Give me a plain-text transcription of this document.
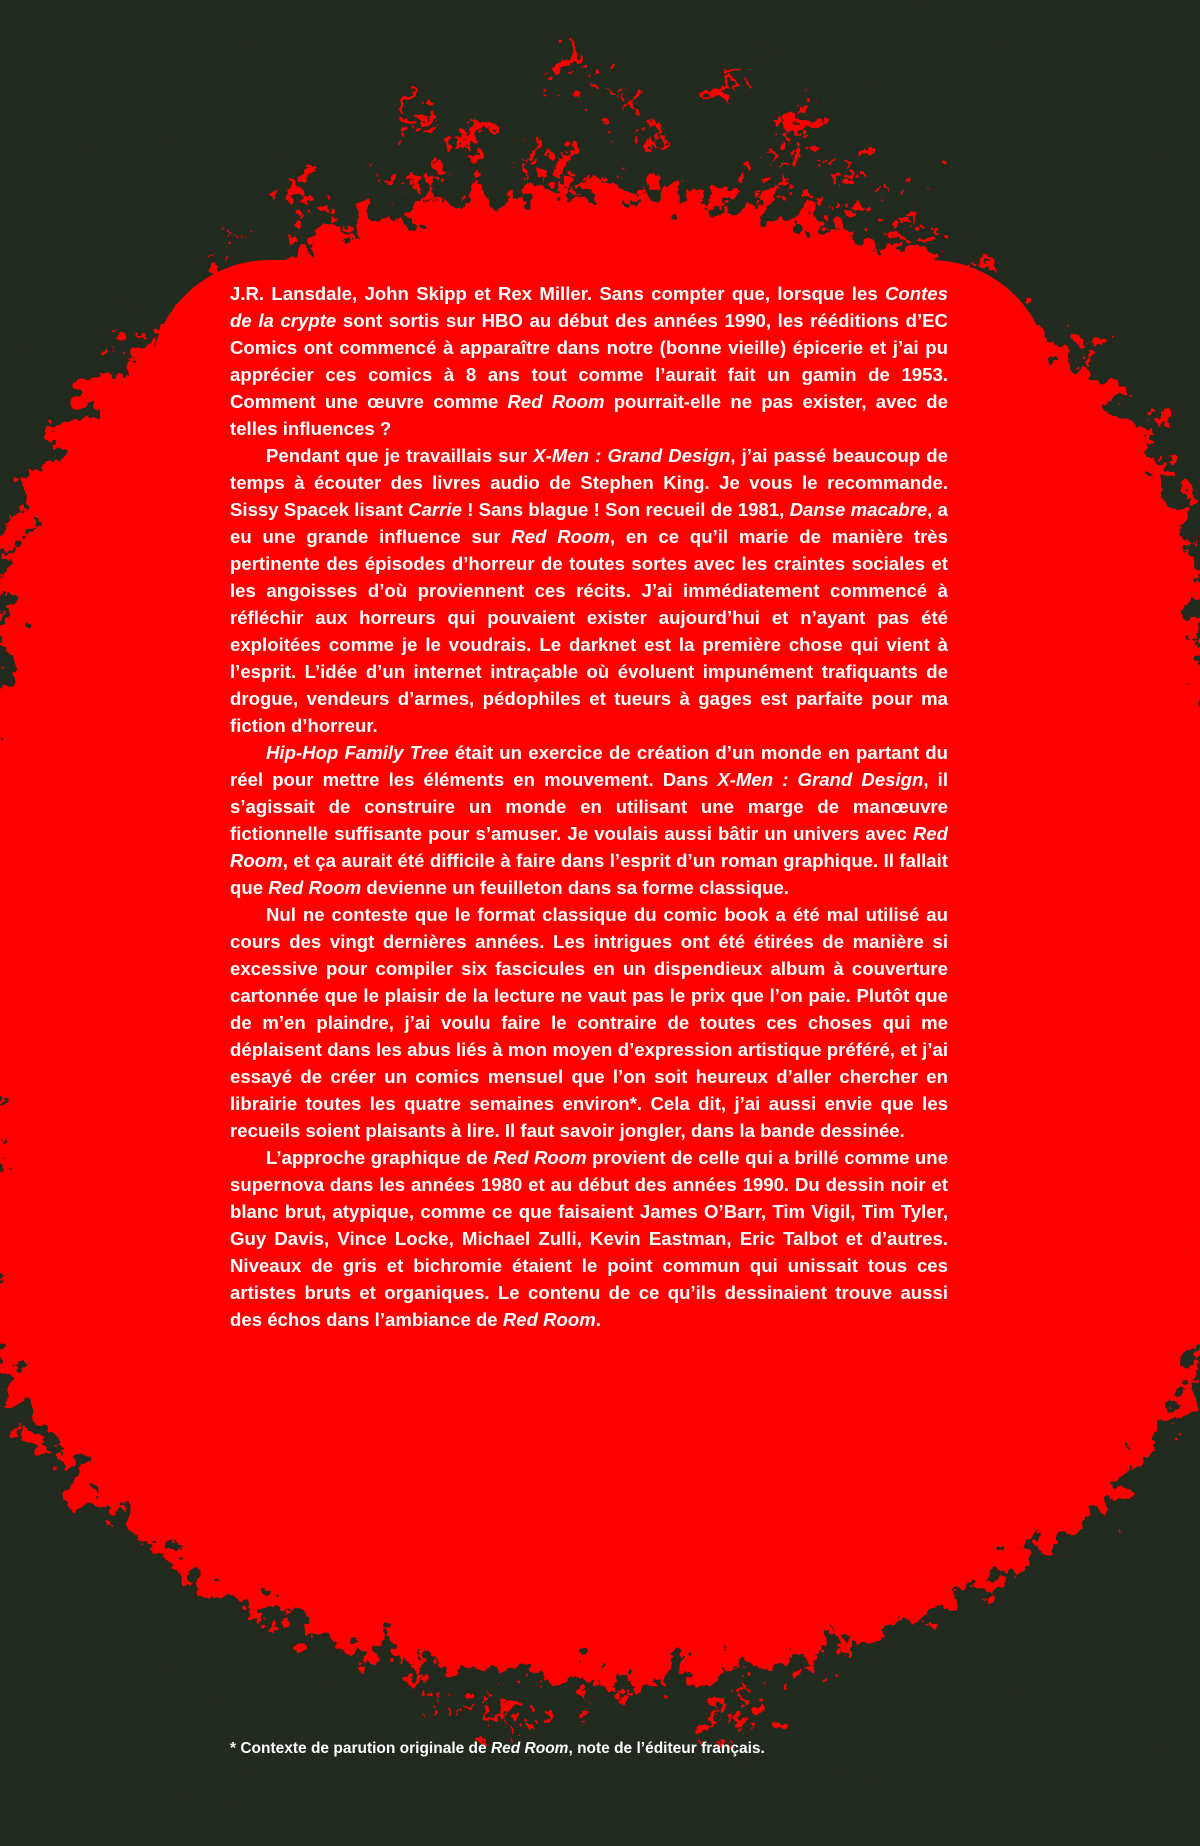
J.R. Lansdale, John Skipp et Rex Miller. Sans compter que, lorsque les Contes de la crypte sont sortis sur HBO au début des années 1990, les rééditions d’EC Comics ont commencé à apparaître dans notre (bonne vieille) épicerie et j’ai pu apprécier ces comics à 8 ans tout comme l’aurait fait un gamin de 1953. Comment une œuvre comme Red Room pourrait-elle ne pas exister, avec de telles influences ?

Pendant que je travaillais sur X-Men : Grand Design, j’ai passé beaucoup de temps à écouter des livres audio de Stephen King. Je vous le recommande. Sissy Spacek lisant Carrie ! Sans blague ! Son recueil de 1981, Danse macabre, a eu une grande influence sur Red Room, en ce qu’il marie de manière très pertinente des épisodes d’horreur de toutes sortes avec les craintes sociales et les angoisses d’où proviennent ces récits. J’ai immédiatement commencé à réfléchir aux horreurs qui pouvaient exister aujourd’hui et n’ayant pas été exploitées comme je le voudrais. Le darknet est la première chose qui vient à l’esprit. L’idée d’un internet intraçable où évoluent impunément trafiquants de drogue, vendeurs d’armes, pédophiles et tueurs à gages est parfaite pour ma fiction d’horreur.

Hip-Hop Family Tree était un exercice de création d’un monde en partant du réel pour mettre les éléments en mouvement. Dans X-Men : Grand Design, il s’agissait de construire un monde en utilisant une marge de manœuvre fictionnelle suffisante pour s’amuser. Je voulais aussi bâtir un univers avec Red Room, et ça aurait été difficile à faire dans l’esprit d’un roman graphique. Il fallait que Red Room devienne un feuilleton dans sa forme classique.

Nul ne conteste que le format classique du comic book a été mal utilisé au cours des vingt dernières années. Les intrigues ont été étirées de manière si excessive pour compiler six fascicules en un dispendieux album à couverture cartonnée que le plaisir de la lecture ne vaut pas le prix que l’on paie. Plutôt que de m’en plaindre, j’ai voulu faire le contraire de toutes ces choses qui me déplaisent dans les abus liés à mon moyen d’expression artistique préféré, et j’ai essayé de créer un comics mensuel que l’on soit heureux d’aller chercher en librairie toutes les quatre semaines environ*. Cela dit, j’ai aussi envie que les recueils soient plaisants à lire. Il faut savoir jongler, dans la bande dessinée.

L’approche graphique de Red Room provient de celle qui a brillé comme une supernova dans les années 1980 et au début des années 1990. Du dessin noir et blanc brut, atypique, comme ce que faisaient James O’Barr, Tim Vigil, Tim Tyler, Guy Davis, Vince Locke, Michael Zulli, Kevin Eastman, Eric Talbot et d’autres. Niveaux de gris et bichromie étaient le point commun qui unissait tous ces artistes bruts et organiques. Le contenu de ce qu’ils dessinaient trouve aussi des échos dans l’ambiance de Red Room.

* Contexte de parution originale de Red Room, note de l’éditeur français.
